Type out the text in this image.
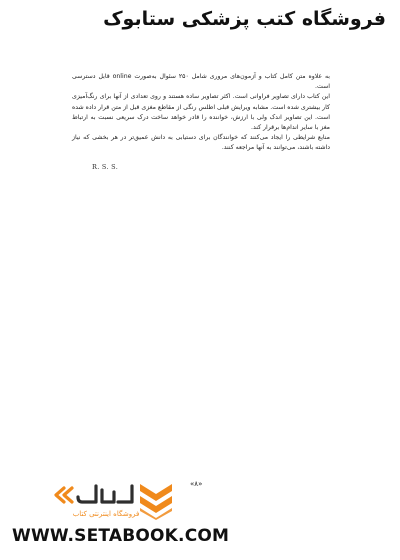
فروشگاه کتب پزشکی ستابوک

به علاوه متن کامل کتاب و آزمون‌های مروری شامل ۲۵۰ سئوال به‌صورت online قابل دسترسی است.

این کتاب دارای تصاویر فراوانی است. اکثر تصاویر ساده هستند و روی تعدادی از آنها برای رنگ‌آمیزی کار بیشتری شده است. مشابه ویرایش قبلی اطلس رنگی از مقاطع مغزی قبل از متن قرار داده شده است. این تصاویر اندک ولی با ارزش، خواننده را قادر خواهد ساخت درک سریعی نسبت به ارتباط مغز با سایر اندام‌ها برقرار کند.

منابع شرایطی را ایجاد می‌کنند که خوانندگان برای دستیابی به دانش عمیق‌تر در هر بخشی که نیاز داشته باشند، می‌توانند به آنها مراجعه کنند.

R. S. S.
«۸»
فروشگاه اینترنتی کتاب
WWW.SETABOOK.COM
